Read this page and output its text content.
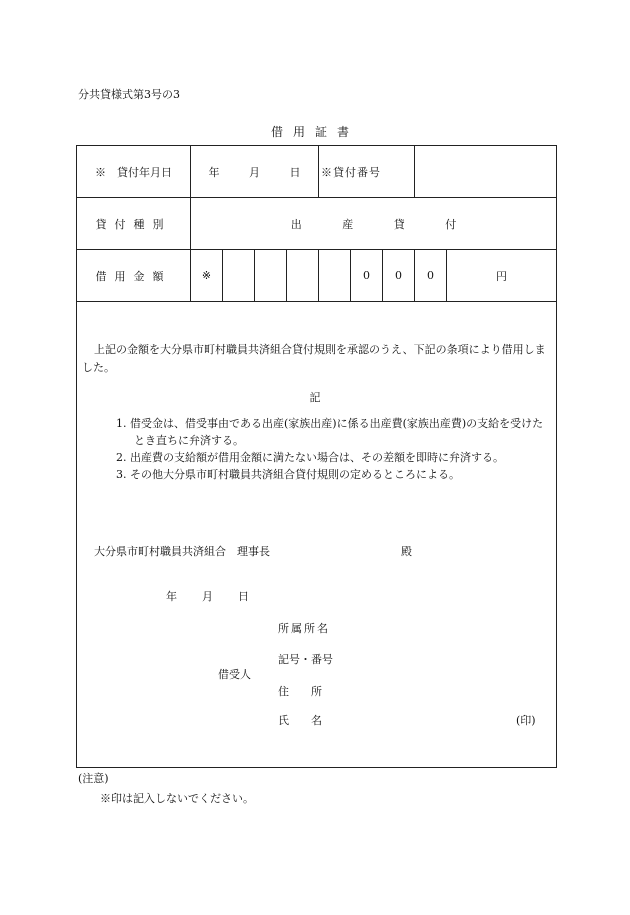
分共貸様式第3号の3
借用証書
※　貸付年月日	年 月 日				※貸付番号				
貸付種別	出 産 貸 付								
借用金額	※					0	0	0	円
上記の金額を大分県市町村職員共済組合貸付規則を承認のうえ、下記の条項により借用しました。
記
1. 借受金は、借受事由である出産(家族出産)に係る出産費(家族出産費)の支給を受けたとき直ちに弁済する。
2. 出産費の支給額が借用金額に満たない場合は、その差額を即時に弁済する。
3. その他大分県市町村職員共済組合貸付規則の定めるところによる。
大分県市町村職員共済組合　理事長	殿
年 月 日
借受人
所属所名
記号・番号
住　　所
氏　　名	(印)
(注意)
※印は記入しないでください。
